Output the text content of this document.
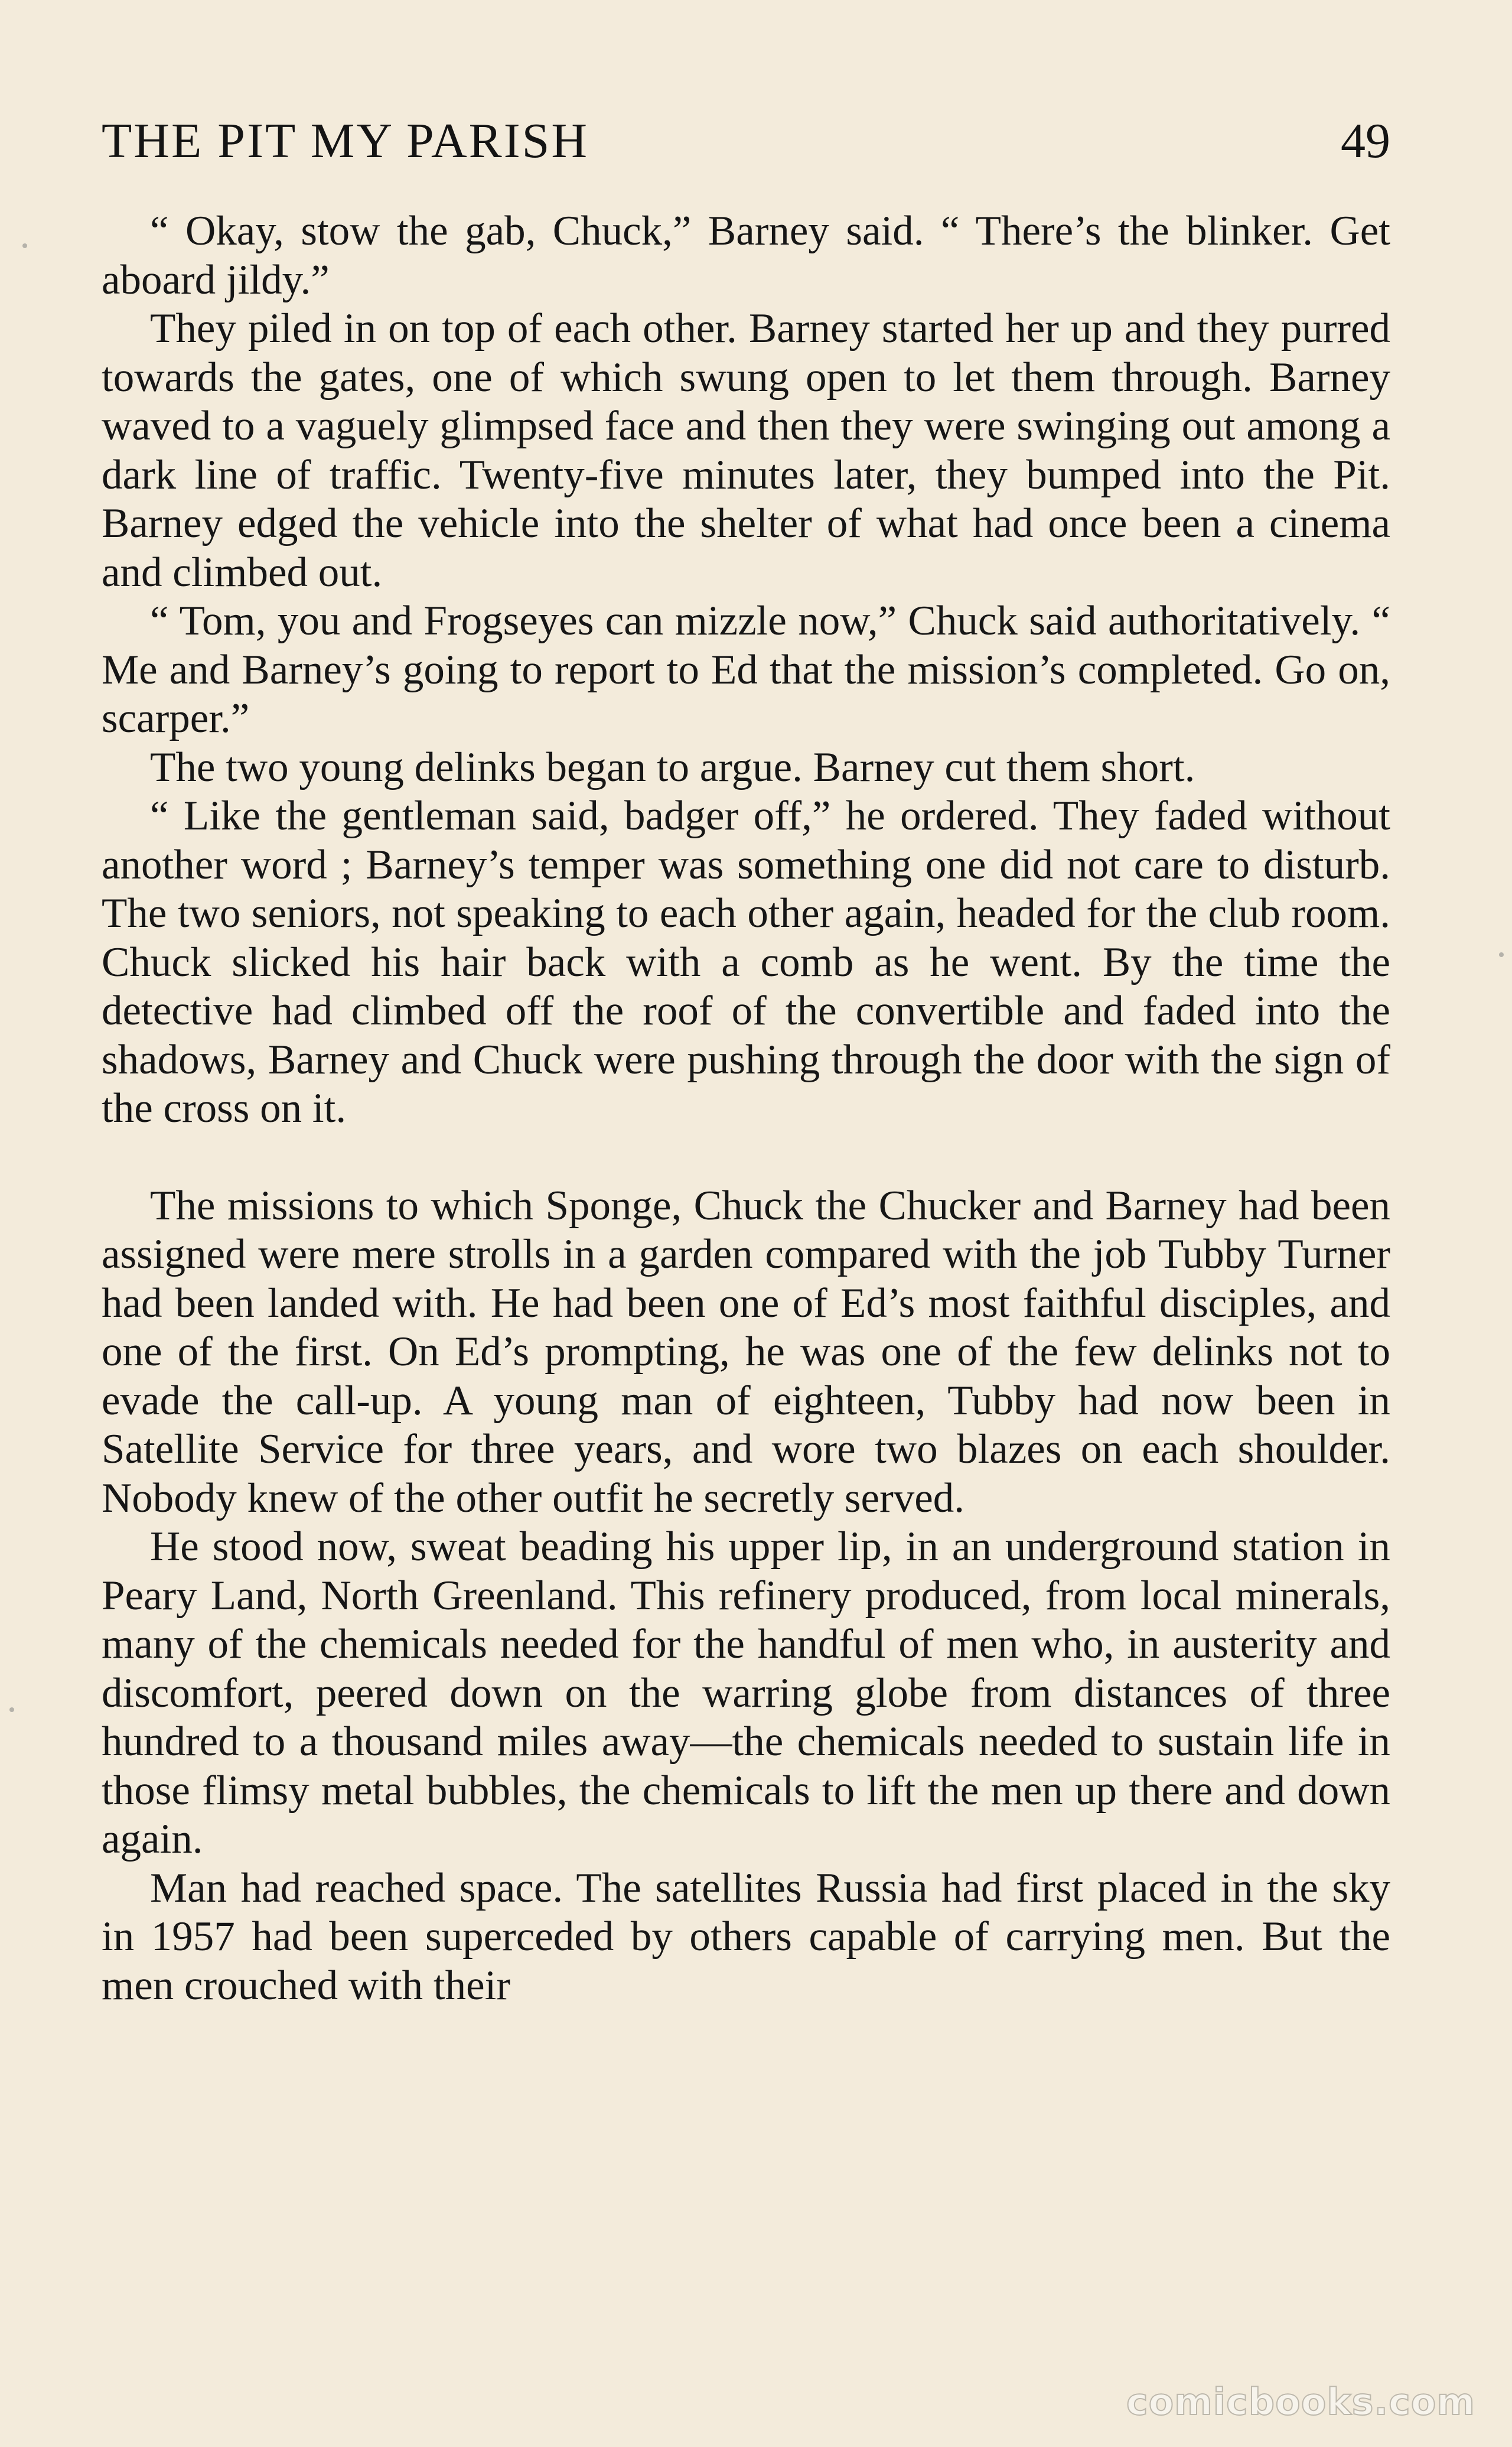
THE PIT MY PARISH	49

“ Okay, stow the gab, Chuck,” Barney said. “ There’s the blinker. Get aboard jildy.”

They piled in on top of each other. Barney started her up and they purred towards the gates, one of which swung open to let them through. Barney waved to a vaguely glimpsed face and then they were swinging out among a dark line of traffic. Twenty-five minutes later, they bumped into the Pit. Barney edged the vehicle into the shelter of what had once been a cinema and climbed out.

“ Tom, you and Frogseyes can mizzle now,” Chuck said authoritatively. “ Me and Barney’s going to report to Ed that the mission’s completed. Go on, scarper.”

The two young delinks began to argue. Barney cut them short.

“ Like the gentleman said, badger off,” he ordered. They faded without another word ; Barney’s temper was something one did not care to disturb. The two seniors, not speaking to each other again, headed for the club room. Chuck slicked his hair back with a comb as he went. By the time the detective had climbed off the roof of the convertible and faded into the shadows, Barney and Chuck were pushing through the door with the sign of the cross on it.

The missions to which Sponge, Chuck the Chucker and Barney had been assigned were mere strolls in a garden compared with the job Tubby Turner had been landed with. He had been one of Ed’s most faithful disciples, and one of the first. On Ed’s prompting, he was one of the few delinks not to evade the call-up. A young man of eighteen, Tubby had now been in Satellite Service for three years, and wore two blazes on each shoulder. Nobody knew of the other outfit he secretly served.

He stood now, sweat beading his upper lip, in an underground station in Peary Land, North Greenland. This refinery produced, from local minerals, many of the chemicals needed for the handful of men who, in austerity and discomfort, peered down on the warring globe from distances of three hundred to a thousand miles away—the chemicals needed to sustain life in those flimsy metal bubbles, the chemicals to lift the men up there and down again.

Man had reached space. The satellites Russia had first placed in the sky in 1957 had been superceded by others capable of carrying men. But the men crouched with their

comicbooks.com
